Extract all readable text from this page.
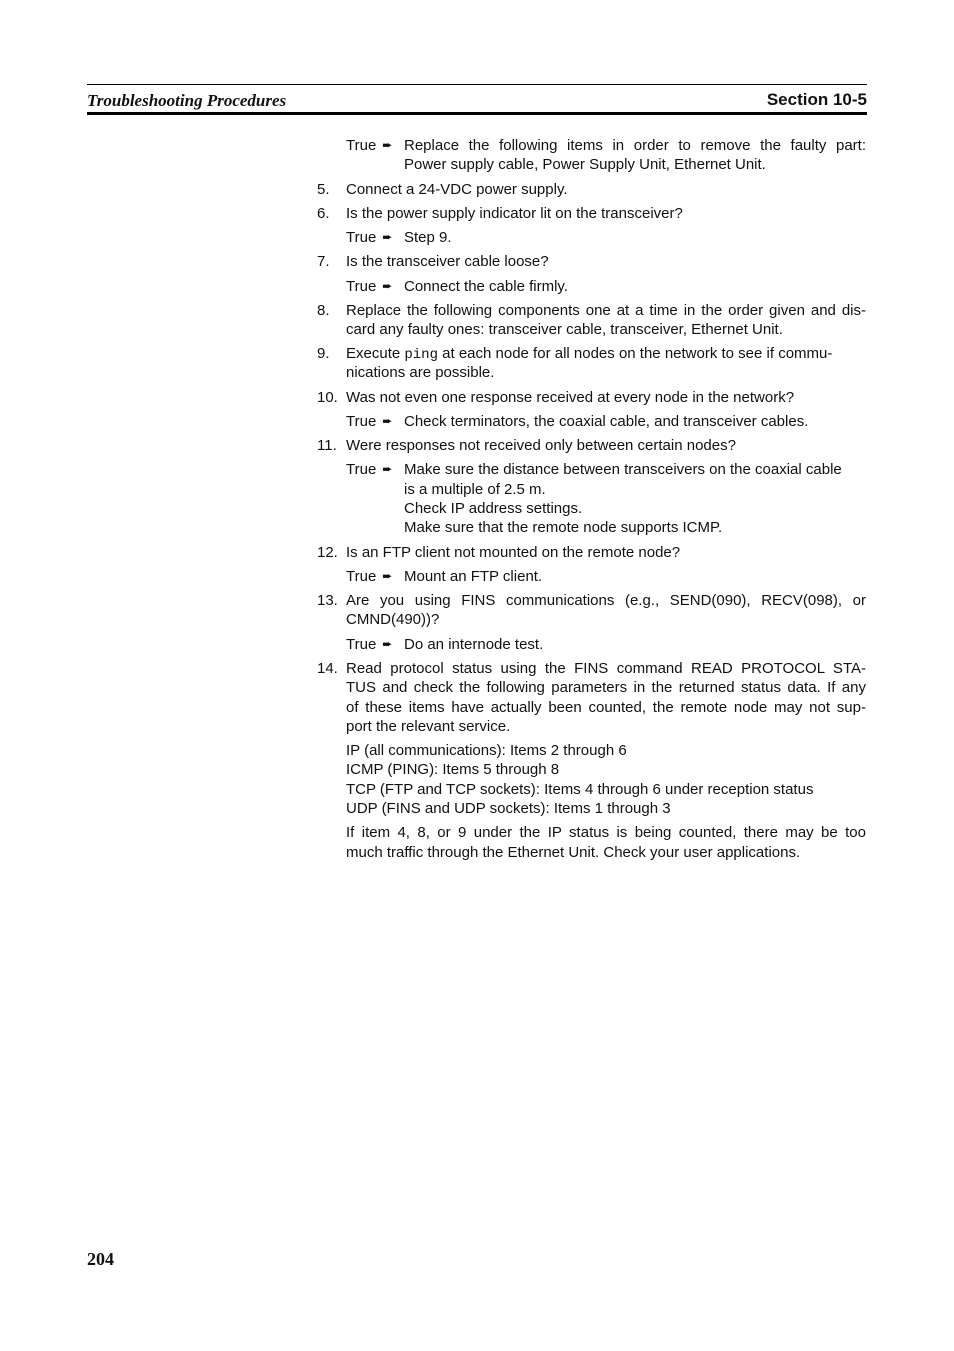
Troubleshooting Procedures	Section 10-5
True ➨ Replace the following items in order to remove the faulty part:
Power supply cable, Power Supply Unit, Ethernet Unit.
5. Connect a 24-VDC power supply.
6. Is the power supply indicator lit on the transceiver?
True ➨ Step 9.
7. Is the transceiver cable loose?
True ➨ Connect the cable firmly.
8. Replace the following components one at a time in the order given and dis-
card any faulty ones: transceiver cable, transceiver, Ethernet Unit.
9. Execute ping at each node for all nodes on the network to see if commu-
nications are possible.
10. Was not even one response received at every node in the network?
True ➨ Check terminators, the coaxial cable, and transceiver cables.
11. Were responses not received only between certain nodes?
True ➨ Make sure the distance between transceivers on the coaxial cable
is a multiple of 2.5 m.
Check IP address settings.
Make sure that the remote node supports ICMP.
12. Is an FTP client not mounted on the remote node?
True ➨ Mount an FTP client.
13. Are you using FINS communications (e.g., SEND(090), RECV(098), or
CMND(490))?
True ➨ Do an internode test.
14. Read protocol status using the FINS command READ PROTOCOL STA-
TUS and check the following parameters in the returned status data. If any
of these items have actually been counted, the remote node may not sup-
port the relevant service.
IP (all communications): Items 2 through 6
ICMP (PING): Items 5 through 8
TCP (FTP and TCP sockets): Items 4 through 6 under reception status
UDP (FINS and UDP sockets): Items 1 through 3
If item 4, 8, or 9 under the IP status is being counted, there may be too
much traffic through the Ethernet Unit. Check your user applications.
204
